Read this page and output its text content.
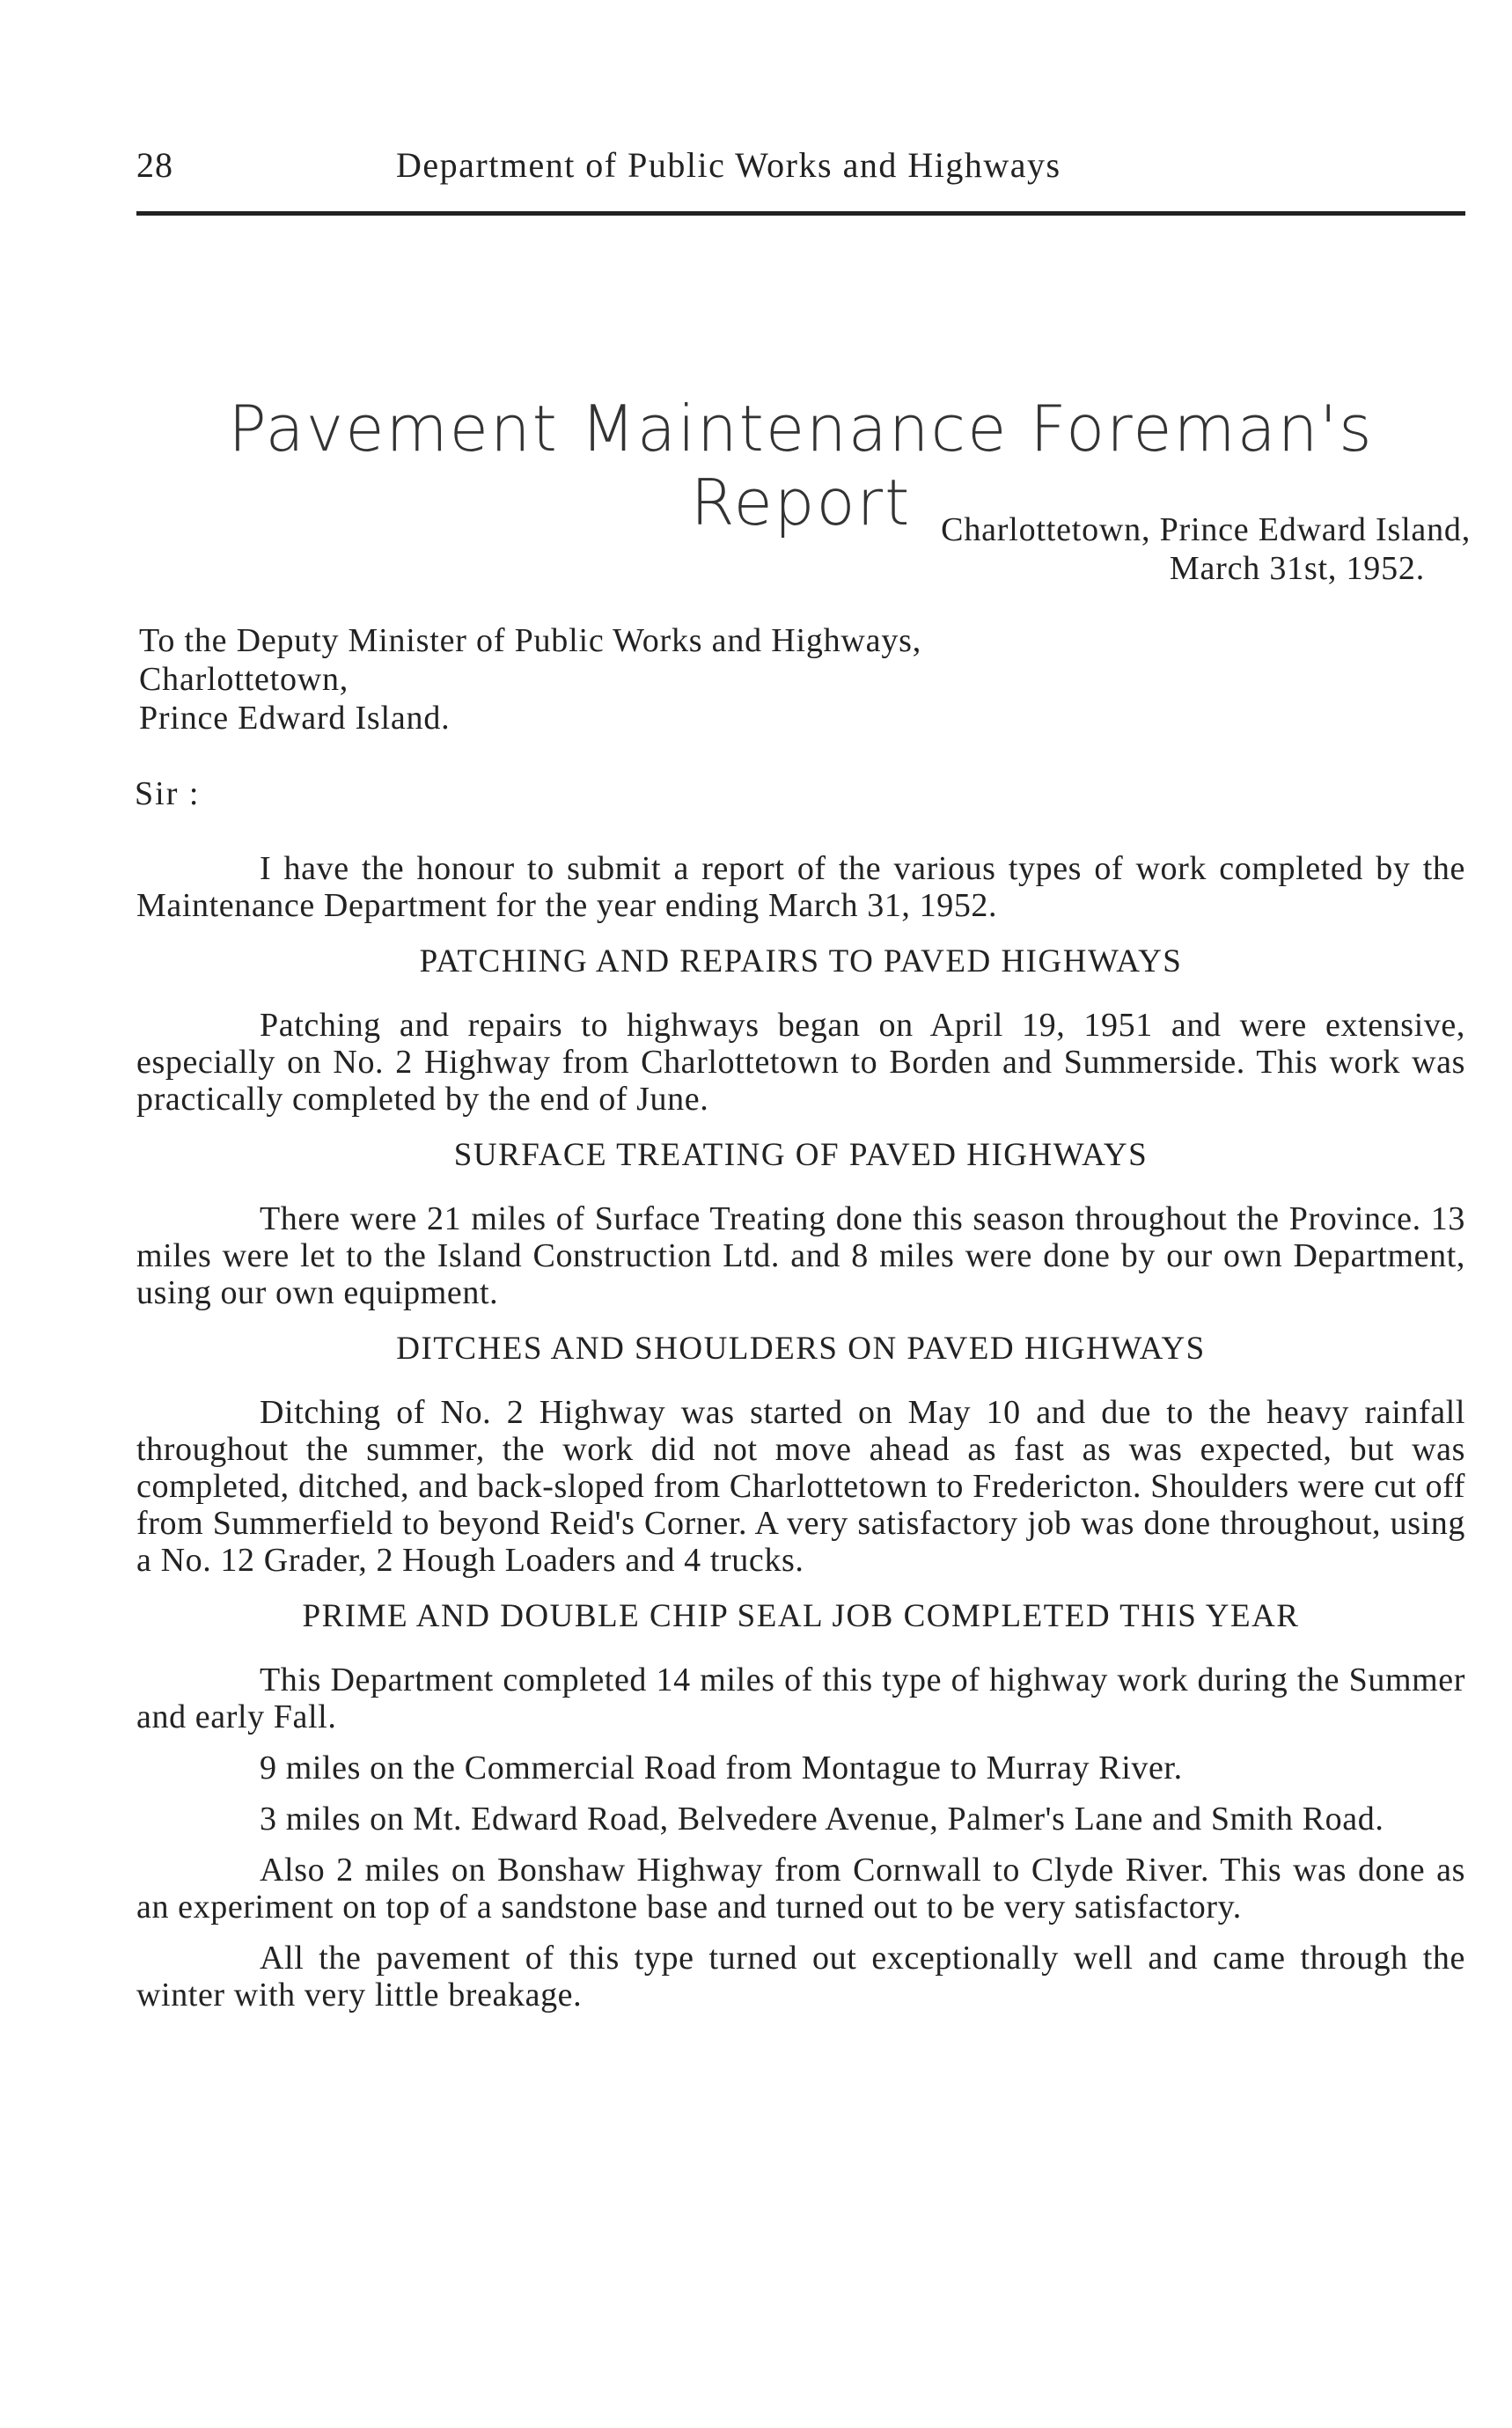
28	Department of Public Works and Highways
Pavement Maintenance Foreman's Report Charlottetown, Prince Edward Island,
March 31st, 1952.
To the Deputy Minister of Public Works and Highways,
Charlottetown,
Prince Edward Island.
Sir :

I have the honour to submit a report of the various types of work completed by the Maintenance Department for the year ending March 31, 1952.

PATCHING AND REPAIRS TO PAVED HIGHWAYS

Patching and repairs to highways began on April 19, 1951 and were extensive, especially on No. 2 Highway from Charlottetown to Borden and Summerside. This work was practically completed by the end of June.

SURFACE TREATING OF PAVED HIGHWAYS

There were 21 miles of Surface Treating done this season throughout the Province. 13 miles were let to the Island Construction Ltd. and 8 miles were done by our own Department, using our own equipment.

DITCHES AND SHOULDERS ON PAVED HIGHWAYS

Ditching of No. 2 Highway was started on May 10 and due to the heavy rainfall throughout the summer, the work did not move ahead as fast as was expected, but was completed, ditched, and back-sloped from Charlottetown to Fredericton. Shoulders were cut off from Summerfield to beyond Reid's Corner. A very satisfactory job was done throughout, using a No. 12 Grader, 2 Hough Loaders and 4 trucks.

PRIME AND DOUBLE CHIP SEAL JOB COMPLETED THIS YEAR

This Department completed 14 miles of this type of highway work during the Summer and early Fall.

9 miles on the Commercial Road from Montague to Murray River.

3 miles on Mt. Edward Road, Belvedere Avenue, Palmer's Lane and Smith Road.

Also 2 miles on Bonshaw Highway from Cornwall to Clyde River. This was done as an experiment on top of a sandstone base and turned out to be very satisfactory.

All the pavement of this type turned out exceptionally well and came through the winter with very little breakage.
